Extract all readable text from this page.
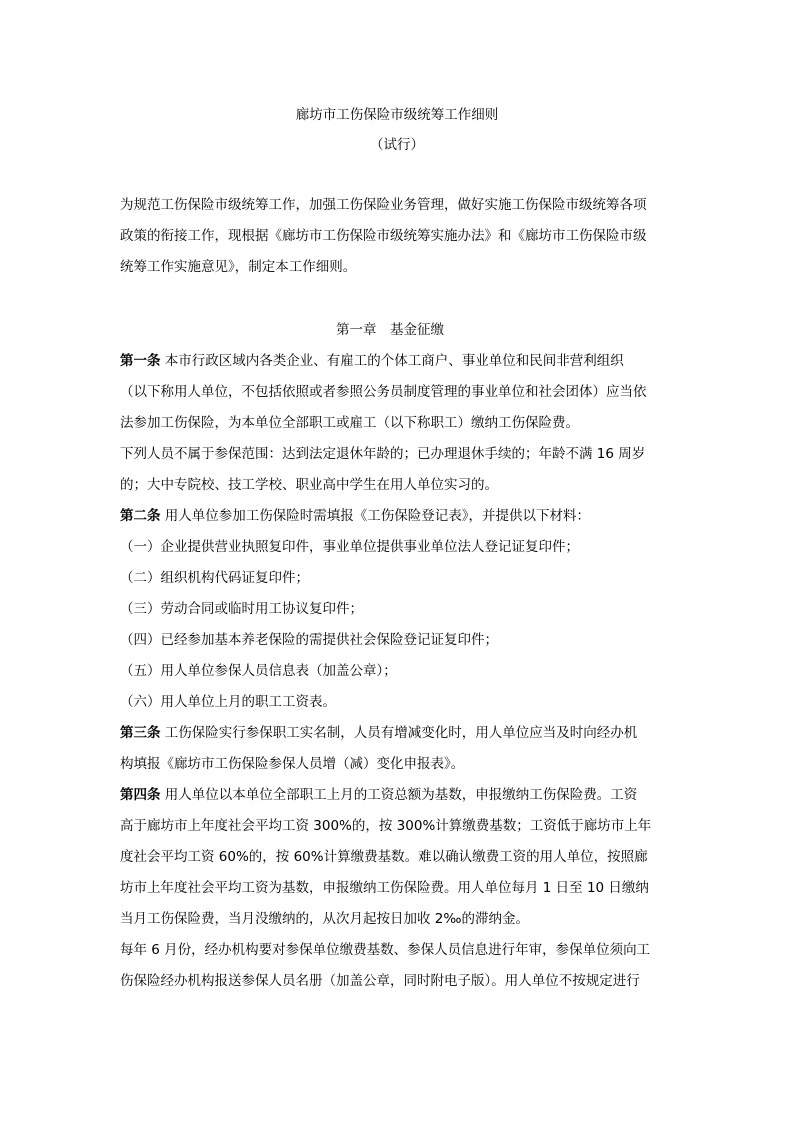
廊坊市工伤保险市级统筹工作细则
（试行）
为规范工伤保险市级统筹工作，加强工伤保险业务管理，做好实施工伤保险市级统筹各项
政策的衔接工作，现根据《廊坊市工伤保险市级统筹实施办法》和《廊坊市工伤保险市级
统筹工作实施意见》，制定本工作细则。
第一章　基金征缴
第一条 本市行政区域内各类企业、有雇工的个体工商户、事业单位和民间非营利组织
（以下称用人单位，不包括依照或者参照公务员制度管理的事业单位和社会团体）应当依
法参加工伤保险，为本单位全部职工或雇工（以下称职工）缴纳工伤保险费。
下列人员不属于参保范围：达到法定退休年龄的；已办理退休手续的；年龄不满 16 周岁
的；大中专院校、技工学校、职业高中学生在用人单位实习的。
第二条 用人单位参加工伤保险时需填报《工伤保险登记表》，并提供以下材料：
（一）企业提供营业执照复印件，事业单位提供事业单位法人登记证复印件；
（二）组织机构代码证复印件；
（三）劳动合同或临时用工协议复印件；
（四）已经参加基本养老保险的需提供社会保险登记证复印件；
（五）用人单位参保人员信息表（加盖公章）；
（六）用人单位上月的职工工资表。
第三条 工伤保险实行参保职工实名制，人员有增减变化时，用人单位应当及时向经办机
构填报《廊坊市工伤保险参保人员增（减）变化申报表》。
第四条 用人单位以本单位全部职工上月的工资总额为基数，申报缴纳工伤保险费。工资
高于廊坊市上年度社会平均工资 300%的，按 300%计算缴费基数；工资低于廊坊市上年
度社会平均工资 60%的，按 60%计算缴费基数。难以确认缴费工资的用人单位，按照廊
坊市上年度社会平均工资为基数，申报缴纳工伤保险费。用人单位每月 1 日至 10 日缴纳
当月工伤保险费，当月没缴纳的，从次月起按日加收 2‰的滞纳金。
每年 6 月份，经办机构要对参保单位缴费基数、参保人员信息进行年审，参保单位须向工
伤保险经办机构报送参保人员名册（加盖公章，同时附电子版）。用人单位不按规定进行
